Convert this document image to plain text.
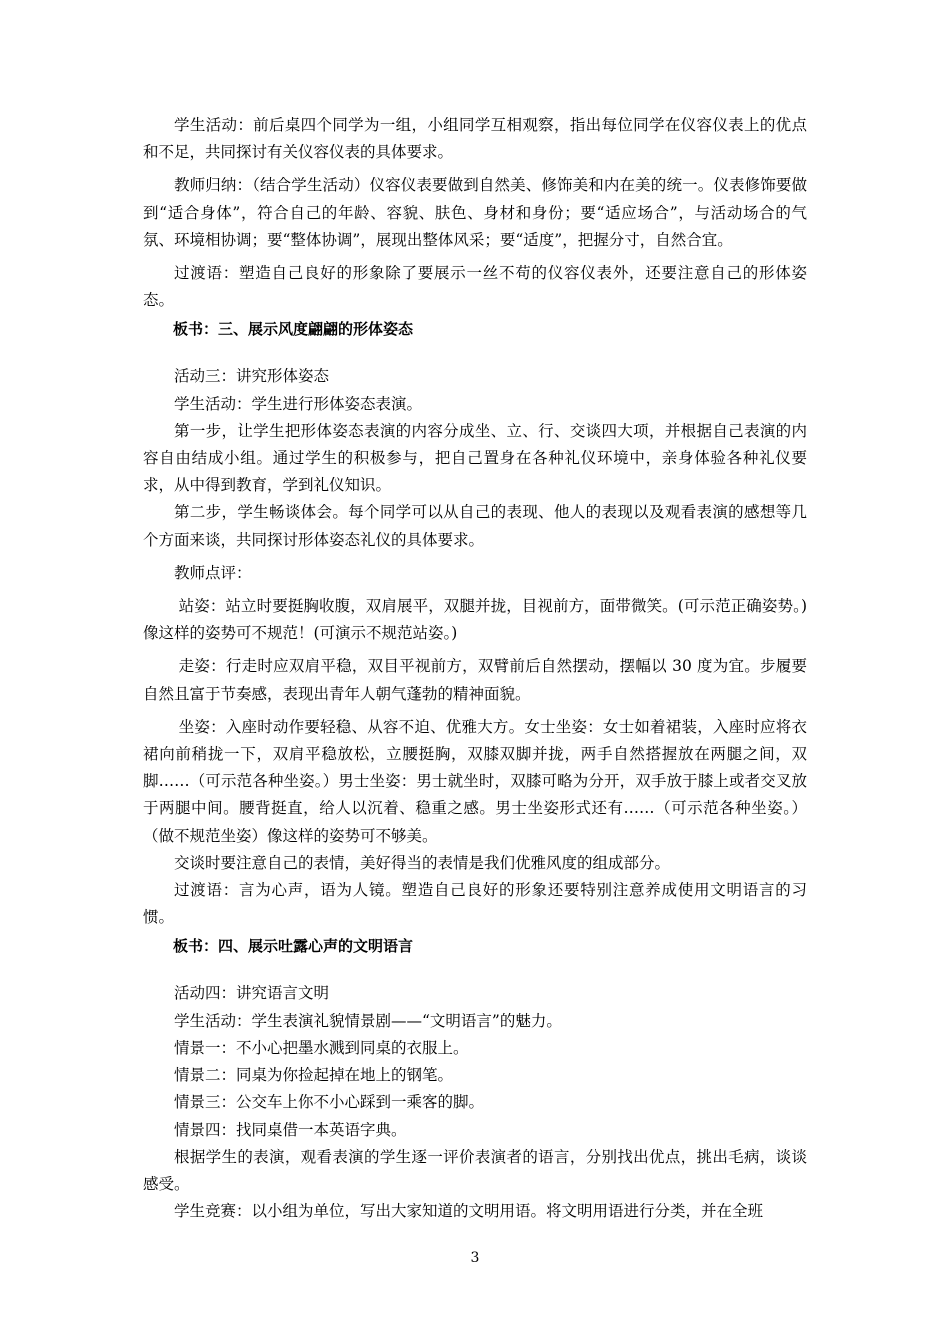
学生活动：前后桌四个同学为一组，小组同学互相观察，指出每位同学在仪容仪表上的优点和不足，共同探讨有关仪容仪表的具体要求。

教师归纳：（结合学生活动）仪容仪表要做到自然美、修饰美和内在美的统一。仪表修饰要做到“适合身体”，符合自己的年龄、容貌、肤色、身材和身份；要“适应场合”，与活动场合的气氛、环境相协调；要“整体协调”，展现出整体风采；要“适度”，把握分寸，自然合宜。

过渡语：塑造自己良好的形象除了要展示一丝不苟的仪容仪表外，还要注意自己的形体姿态。

板书：三、展示风度翩翩的形体姿态

活动三：讲究形体姿态

学生活动：学生进行形体姿态表演。

第一步，让学生把形体姿态表演的内容分成坐、立、行、交谈四大项，并根据自己表演的内容自由结成小组。通过学生的积极参与，把自己置身在各种礼仪环境中，亲身体验各种礼仪要求，从中得到教育，学到礼仪知识。

第二步，学生畅谈体会。每个同学可以从自己的表现、他人的表现以及观看表演的感想等几个方面来谈，共同探讨形体姿态礼仪的具体要求。

教师点评：

站姿：站立时要挺胸收腹，双肩展平，双腿并拢，目视前方，面带微笑。(可示范正确姿势。)像这样的姿势可不规范！(可演示不规范站姿。)

走姿：行走时应双肩平稳，双目平视前方，双臂前后自然摆动，摆幅以 30 度为宜。步履要自然且富于节奏感，表现出青年人朝气蓬勃的精神面貌。

坐姿：入座时动作要轻稳、从容不迫、优雅大方。女士坐姿：女士如着裙装，入座时应将衣裙向前稍拢一下，双肩平稳放松，立腰挺胸，双膝双脚并拢，两手自然搭握放在两腿之间，双脚……（可示范各种坐姿。）男士坐姿：男士就坐时，双膝可略为分开，双手放于膝上或者交叉放于两腿中间。腰背挺直，给人以沉着、稳重之感。男士坐姿形式还有……（可示范各种坐姿。）（做不规范坐姿）像这样的姿势可不够美。

交谈时要注意自己的表情，美好得当的表情是我们优雅风度的组成部分。

过渡语：言为心声，语为人镜。塑造自己良好的形象还要特别注意养成使用文明语言的习惯。

板书：四、展示吐露心声的文明语言

活动四：讲究语言文明

学生活动：学生表演礼貌情景剧——“文明语言”的魅力。

情景一：不小心把墨水溅到同桌的衣服上。

情景二：同桌为你捡起掉在地上的钢笔。

情景三：公交车上你不小心踩到一乘客的脚。

情景四：找同桌借一本英语字典。

根据学生的表演，观看表演的学生逐一评价表演者的语言，分别找出优点，挑出毛病，谈谈感受。

学生竞赛：以小组为单位，写出大家知道的文明用语。将文明用语进行分类，并在全班

3
